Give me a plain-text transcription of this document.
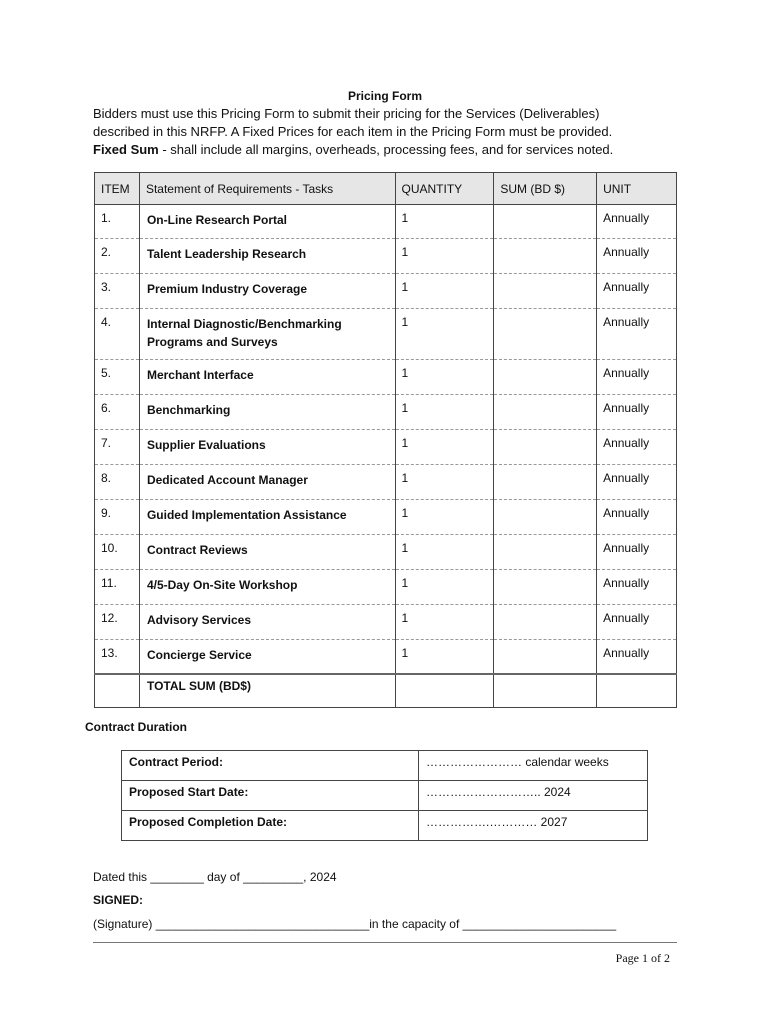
Pricing Form

Bidders must use this Pricing Form to submit their pricing for the Services (Deliverables)

described in this NRFP. A Fixed Prices for each item in the Pricing Form must be provided.

Fixed Sum - shall include all margins, overheads, processing fees, and for services noted.

ITEM	Statement of Requirements - Tasks	QUANTITY	SUM (BD $)	UNIT
1.	On-Line Research Portal	1		Annually
2.	Talent Leadership Research	1		Annually
3.	Premium Industry Coverage	1		Annually
4.	Internal Diagnostic/Benchmarking
Programs and Surveys	1		Annually
5.	Merchant Interface	1		Annually
6.	Benchmarking	1		Annually
7.	Supplier Evaluations	1		Annually
8.	Dedicated Account Manager	1		Annually
9.	Guided Implementation Assistance	1		Annually
10.	Contract Reviews	1		Annually
11.	4/5-Day On-Site Workshop	1		Annually
12.	Advisory Services	1		Annually
13.	Concierge Service	1		Annually
	TOTAL SUM (BD$)			
Contract Duration
Contract Period:	…………………… calendar weeks
Proposed Start Date:	……………………….. 2024
Proposed Completion Date:	…………….………… 2027
Dated this ________ day of _________, 2024
SIGNED:
(Signature) ________________________________in the capacity of _______________________
Page 1 of 2
